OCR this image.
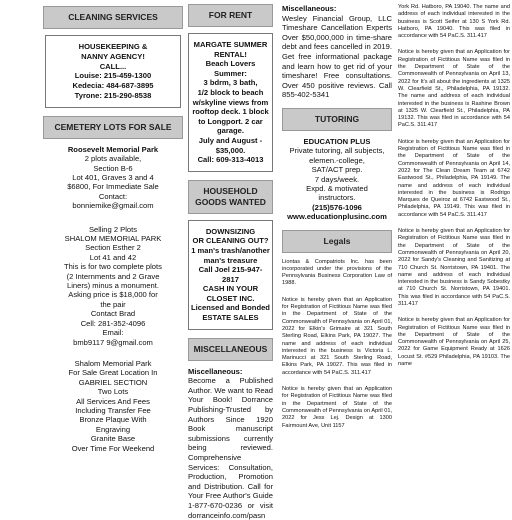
CLEANING SERVICES
HOUSEKEEPING &
NANNY AGENCY!
CALL...
Louise: 215-459-1300
Kedecia: 484-687-3895
Tyrone: 215-290-8538
CEMETERY LOTS FOR SALE
Roosevelt Memorial Park
2 plots available,
Section B-6
Lot 401, Graves 3 and 4
$6800, For Immediate Sale
Contact:
bonniemike@gmail.com
Selling 2 Plots
SHALOM MEMORIAL PARK
Section Esther 2
Lot 41 and 42
This is for two complete plots
(2 Internments and 2 Grave
Liners) minus a monument.
Asking price is $18,000 for
the pair
Contact Brad
Cell: 281-352-4096
Email:
bmb9117 9@gmail.com
Shalom Memorial Park
For Sale Great Location In
GABRIEL SECTION
Two Lots
All Services And Fees
Including Transfer Fee
Bronze Plaque With
Engraving
Granite Base
Over Time For Weekend
FOR RENT
MARGATE SUMMER
RENTAL!
Beach Lovers Summer:
3 bdrm, 3 bath,
1/2 block to beach
w/skyline views from
rooftop deck. 1 block
to Longport. 2 car
garage.
July and August -
$35,000.
Call: 609-313-4013
HOUSEHOLD GOODS WANTED
DOWNSIZING
OR CLEANING OUT?
1 man's trash/another
man's treasure
Call Joel 215-947-
2817
CASH IN YOUR
CLOSET INC.
Licensed and Bonded
ESTATE SALES
MISCELLANEOUS
Miscellaneous:
Become a Published Author. We want to Read Your Book! Dorrance Publishing-Trusted by Authors Since 1920 Book manuscript submissions currently being reviewed. Comprehensive Services: Consultation, Production, Promotion and Distribution. Call for Your Free Author's Guide 1-877-670-0236 or visit dorranceinfo.com/pasn
Miscellaneous:
Wesley Financial Group, LLC Timeshare Cancellation Experts Over $50,000,000 in time-share debt and fees cancelled in 2019. Get free informational package and learn how to get rid of your timeshare! Free consultations. Over 450 positive reviews. Call 855-402-5341
TUTORING
EDUCATION PLUS
Private tutoring, all subjects,
elemen.-college,
SAT/ACT prep.
7 days/week.
Expd. & motivated
instructors.
(215)576-1096
www.educationplusinc.com
Legals
Liontas & Compatriots Inc. has been incorporated under the provisions of the Pennsylvania Business Corporation Law of 1988.
Notice is hereby given that an Application for Registration of Fictitious Name was filed in the Department of State of the Commonwealth of Pennsylvania on April 01, 2022 for Elkin's Grimaire at 321 South Sterling Road, Elkins Park, PA 19027. The name and address of each individual interested in the business is Victoria L. Marinucci at 321 South Sterling Road, Elkins Park, PA 19027. This was filed in accordance with 54 PaC.S. 311.417
Notice is hereby given that an Application for Registration of Fictitious Name was filed in the Department of State of the Commonwealth of Pennsylvania on April 01, 2022 for Jess Lej. Design at 1300 Fairmount Ave, Unit 1157
York Rd. Hatboro, PA 19040. The name and address of each individual interested in the business is Scott Seifer at 130 S York Rd. Hatboro, PA 19040. This was filed in accordance with 54 PaC.S. 311.417
Notice is hereby given that an Application for Registration of Fictitious Name was filed in the Department of State of the Commonwealth of Pennsylvania on April 13, 2022 for It's all about the ingredients at 1325 W. Clearfield St., Philadelphia, PA 19132. The name and address of each individual interested in the business is Rashine Brown at 1325 W. Clearfield St., Philadelphia, PA 19132. This was filed in accordance with 54 PaC.S. 311.417
Notice is hereby given that an Application for Registration of Fictitious Name was filed in the Department of State of the Commonwealth of Pennsylvania on April 14, 2022 for The Clean Dream Team at 6742 Eastwood St., Philadelphia, PA 19149. The name and address of each individual interested in the business is Rodrigo Marques de Queiroz at 6742 Eastwood St., Philadelphia, PA 19149. This was filed in accordance with 54 PaC.S. 311.417
Notice is hereby given that an Application for Registration of Fictitious Name was filed in the Department of State of the Commonwealth of Pennsylvania on April 20, 2022 for Sandy's Cleaning and Sanitizing at 710 Church St. Norristown, PA 19401. The name and address of each individual interested in the business is Sandy Sobestky at 710 Church St. Norristown, PA 19401. This was filed in accordance with 54 PaC.S. 311.417
Notice is hereby given that an Application for Registration of Fictitious Name was filed in the Department of State of the Commonwealth of Pennsylvania on April 25, 2022 for Game Equipment Ready at 1626 Locust St. #529 Philadelphia, PA 19103. The name
